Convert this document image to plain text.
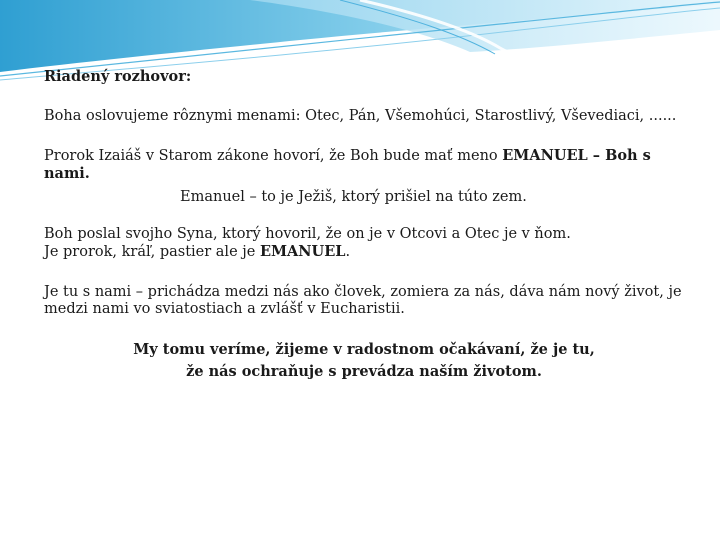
Riadený rozhovor:

Boha oslovujeme rôznymi menami: Otec, Pán, Všemohúci, Starostlivý, Vševediaci, ......

Prorok Izaiáš v Starom zákone hovorí, že Boh bude mať meno EMANUEL – Boh s nami.

Emanuel – to je Ježiš, ktorý prišiel na túto zem.

Boh poslal svojho Syna, ktorý hovoril, že on je v Otcovi a Otec je v ňom.

Je prorok, kráľ, pastier ale je EMANUEL.

Je tu s nami – prichádza medzi nás ako človek, zomiera za nás, dáva nám nový život, je medzi nami vo sviatostiach a zvlášť v Eucharistii.

My tomu veríme, žijeme v radostnom očakávaní, že je tu,
že nás ochraňuje s prevádza naším životom.
